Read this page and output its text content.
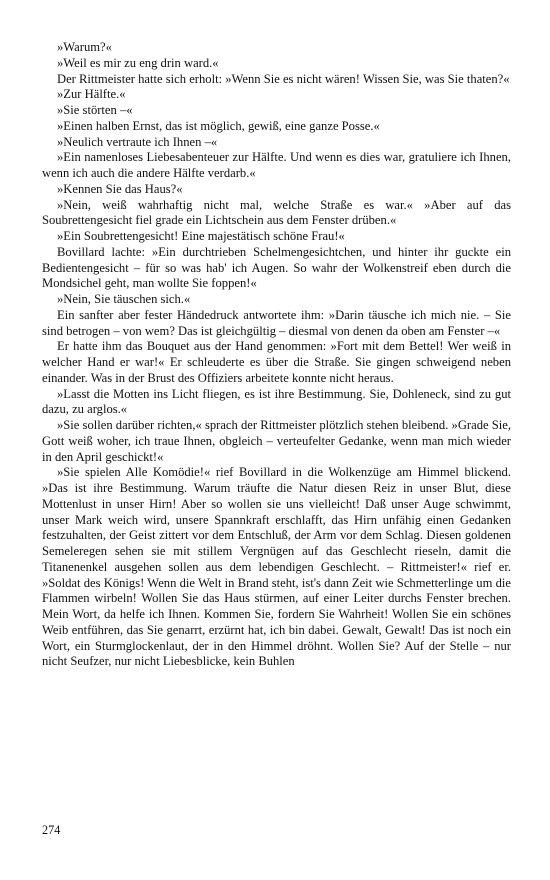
»Warum?«

»Weil es mir zu eng drin ward.«

Der Rittmeister hatte sich erholt: »Wenn Sie es nicht wären! Wissen Sie, was Sie thaten?«

»Zur Hälfte.«

»Sie störten –«

»Einen halben Ernst, das ist möglich, gewiß, eine ganze Posse.«

»Neulich vertraute ich Ihnen –«

»Ein namenloses Liebesabenteuer zur Hälfte. Und wenn es dies war, gratuliere ich Ihnen, wenn ich auch die andere Hälfte verdarb.«

»Kennen Sie das Haus?«

»Nein, weiß wahrhaftig nicht mal, welche Straße es war.« »Aber auf das Soubrettengesicht fiel grade ein Lichtschein aus dem Fenster drüben.«

»Ein Soubrettengesicht! Eine majestätisch schöne Frau!«

Bovillard lachte: »Ein durchtrieben Schelmengesichtchen, und hinter ihr guckte ein Bedientengesicht – für so was hab' ich Augen. So wahr der Wolkenstreif eben durch die Mondsichel geht, man wollte Sie foppen!«

»Nein, Sie täuschen sich.«

Ein sanfter aber fester Händedruck antwortete ihm: »Darin täusche ich mich nie. – Sie sind betrogen – von wem? Das ist gleichgültig – diesmal von denen da oben am Fenster –«

Er hatte ihm das Bouquet aus der Hand genommen: »Fort mit dem Bettel! Wer weiß in welcher Hand er war!« Er schleuderte es über die Straße. Sie gingen schweigend neben einander. Was in der Brust des Offiziers arbeitete konnte nicht heraus.

»Lasst die Motten ins Licht fliegen, es ist ihre Bestimmung. Sie, Dohleneck, sind zu gut dazu, zu arglos.«

»Sie sollen darüber richten,« sprach der Rittmeister plötzlich stehen bleibend. »Grade Sie, Gott weiß woher, ich traue Ihnen, obgleich – verteufelter Gedanke, wenn man mich wieder in den April geschickt!«

»Sie spielen Alle Komödie!« rief Bovillard in die Wolkenzüge am Himmel blickend. »Das ist ihre Bestimmung. Warum träufte die Natur diesen Reiz in unser Blut, diese Mottenlust in unser Hirn! Aber so wollen sie uns vielleicht! Daß unser Auge schwimmt, unser Mark weich wird, unsere Spannkraft erschlafft, das Hirn unfähig einen Gedanken festzuhalten, der Geist zittert vor dem Entschluß, der Arm vor dem Schlag. Diesen goldenen Semeleregen sehen sie mit stillem Vergnügen auf das Geschlecht rieseln, damit die Titanenenkel ausgehen sollen aus dem lebendigen Geschlecht. – Rittmeister!« rief er. »Soldat des Königs! Wenn die Welt in Brand steht, ist's dann Zeit wie Schmetterlinge um die Flammen wirbeln! Wollen Sie das Haus stürmen, auf einer Leiter durchs Fenster brechen. Mein Wort, da helfe ich Ihnen. Kommen Sie, fordern Sie Wahrheit! Wollen Sie ein schönes Weib entführen, das Sie genarrt, erzürnt hat, ich bin dabei. Gewalt, Gewalt! Das ist noch ein Wort, ein Sturmglockenlaut, der in den Himmel dröhnt. Wollen Sie? Auf der Stelle – nur nicht Seufzer, nur nicht Liebesblicke, kein Buhlen

274
